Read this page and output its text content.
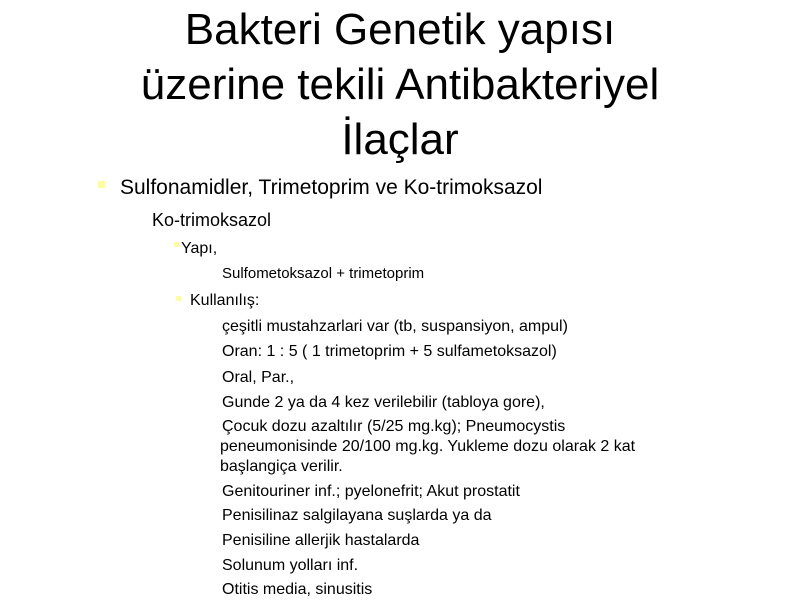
Bakteri Genetik yapısı
üzerine tekili Antibakteriyel
İlaçlar
Sulfonamidler, Trimetoprim ve Ko-trimoksazol
Ko-trimoksazol
Yapı,
Sulfometoksazol + trimetoprim
Kullanılış:
çeşitli mustahzarlari var (tb, suspansiyon, ampul)
Oran: 1 : 5 ( 1 trimetoprim + 5 sulfametoksazol)
Oral, Par.,
Gunde 2 ya da 4 kez verilebilir (tabloya gore),
Çocuk dozu azaltılır (5/25 mg.kg); Pneumocystis
peneumonisinde 20/100 mg.kg. Yukleme dozu olarak 2 kat
başlangiça verilir.
Genitouriner inf.; pyelonefrit; Akut prostatit
Penisilinaz salgilayana suşlarda ya da
Penisiline allerjik hastalarda
Solunum yolları inf.
Otitis media, sinusitis
